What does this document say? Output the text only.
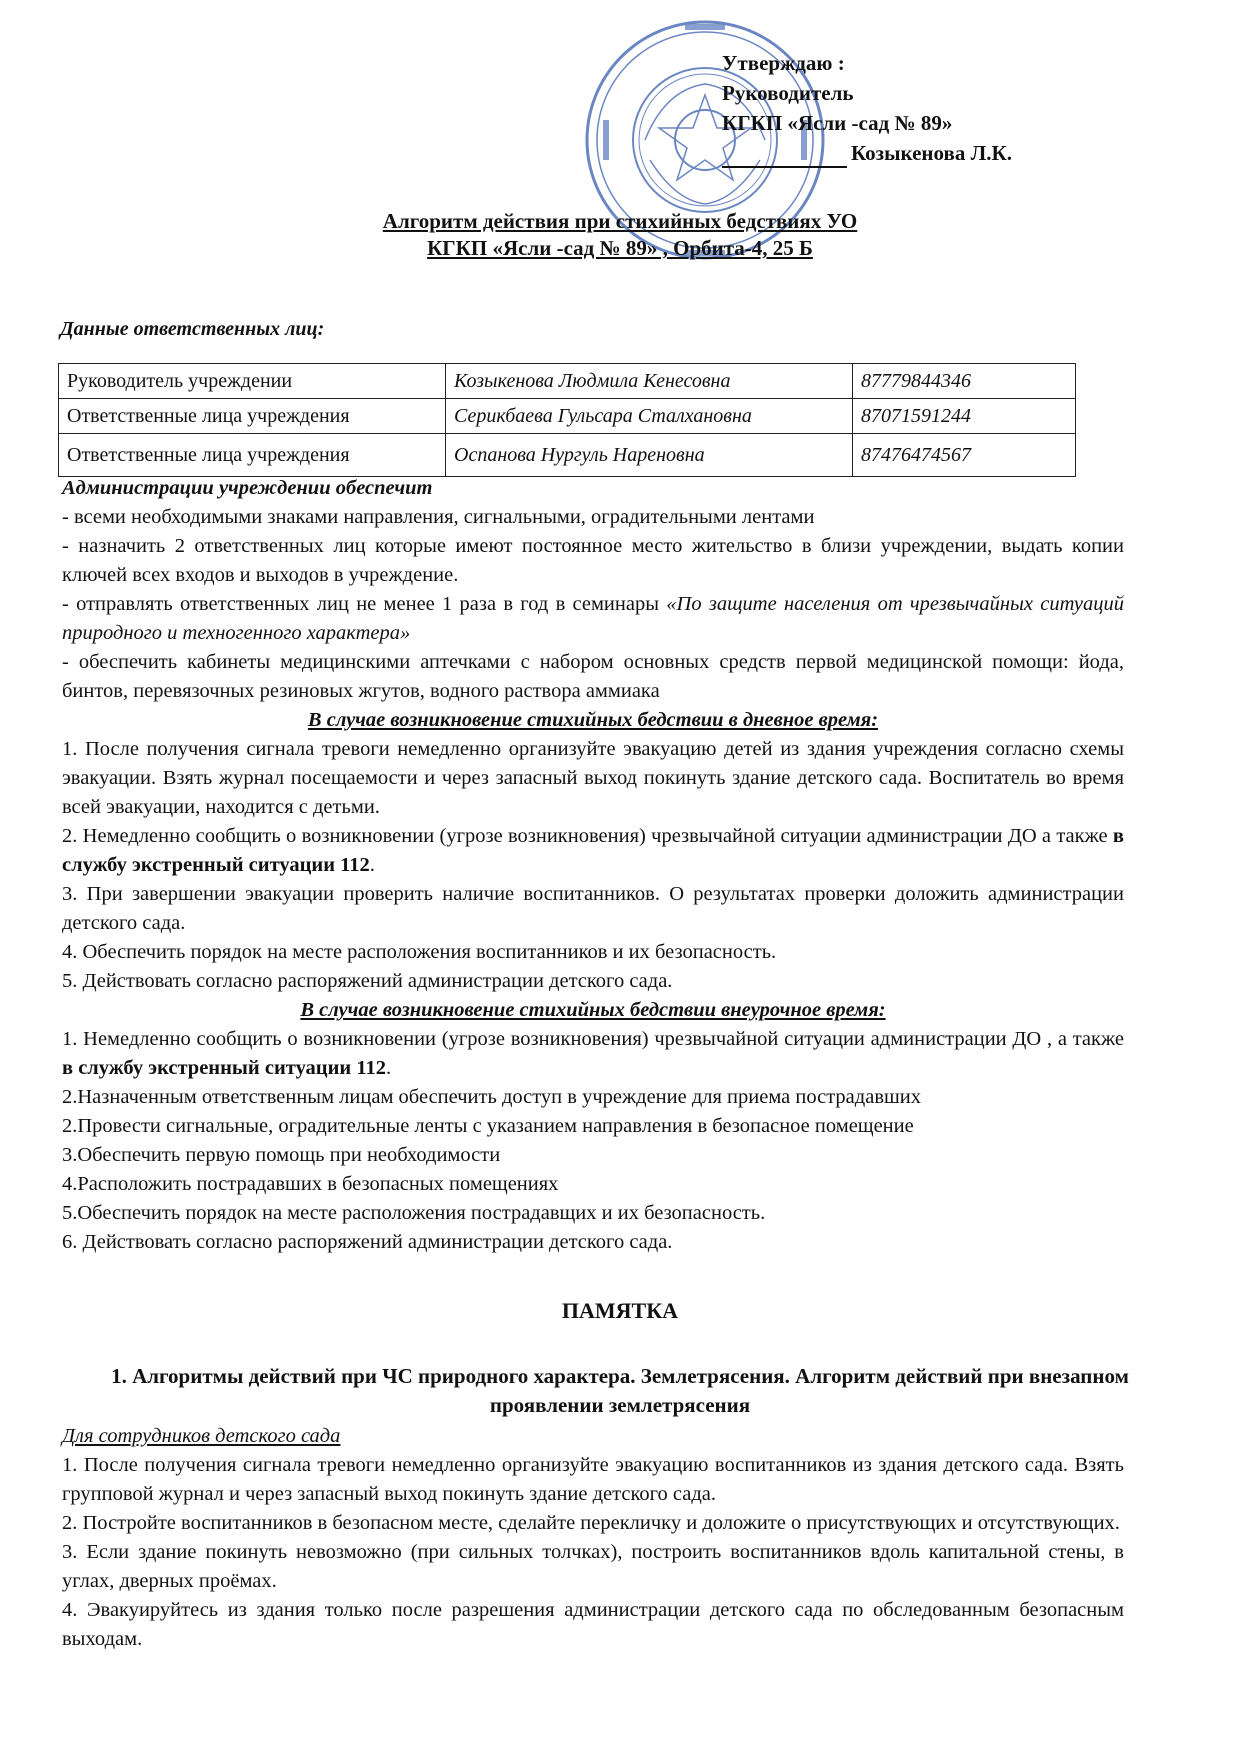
Утверждаю :
Руководитель
КГКП «Ясли -сад № 89»
Козыкенова Л.К.
Алгоритм действия при стихийных бедствиях УО
КГКП «Ясли -сад № 89» , Орбита-4, 25 Б
Данные ответственных лиц:
Руководитель учреждении	Козыкенова Людмила Кенесовна	87779844346
Ответственные лица учреждения	Серикбаева Гульсара Сталхановна	87071591244
Ответственные лица учреждения	Оспанова Нургуль Нареновна	87476474567

Администрации учреждении обеспечит

- всеми необходимыми знаками направления, сигнальными, оградительными лентами

- назначить 2 ответственных лиц которые имеют постоянное место жительство в близи учреждении, выдать копии ключей всех входов и выходов в учреждение.

- отправлять ответственных лиц не менее 1 раза в год в семинары «По защите населения от чрезвычайных ситуаций природного и техногенного характера»

- обеспечить кабинеты медицинскими аптечками с набором основных средств первой медицинской помощи: йода, бинтов, перевязочных резиновых жгутов, водного раствора аммиака

В случае возникновение стихийных бедствии в дневное время:

1. После получения сигнала тревоги немедленно организуйте эвакуацию детей из здания учреждения согласно схемы эвакуации. Взять журнал посещаемости и через запасный выход покинуть здание детского сада. Воспитатель во время всей эвакуации, находится с детьми.

2. Немедленно сообщить о возникновении (угрозе возникновения) чрезвычайной ситуации администрации ДО а также в службу экстренный ситуации 112.

3. При завершении эвакуации проверить наличие воспитанников. О результатах проверки доложить администрации детского сада.

4. Обеспечить порядок на месте расположения воспитанников и их безопасность.

5. Действовать согласно распоряжений администрации детского сада.

В случае возникновение стихийных бедствии внеурочное время:

1. Немедленно сообщить о возникновении (угрозе возникновения) чрезвычайной ситуации администрации ДО , а также в службу экстренный ситуации 112.

2.Назначенным ответственным лицам обеспечить доступ в учреждение для приема пострадавших

2.Провести сигнальные, оградительные ленты с указанием направления в безопасное помещение

3.Обеспечить первую помощь при необходимости

4.Расположить пострадавших в безопасных помещениях

5.Обеспечить порядок на месте расположения пострадавщих и их безопасность.

6. Действовать согласно распоряжений администрации детского сада.

ПАМЯТКА
1. Алгоритмы действий при ЧС природного характера. Землетрясения. Алгоритм действий при внезапном проявлении землетрясения

Для сотрудников детского сада

1. После получения сигнала тревоги немедленно организуйте эвакуацию воспитанников из здания детского сада. Взять групповой журнал и через запасный выход покинуть здание детского сада.

2. Постройте воспитанников в безопасном месте, сделайте перекличку и доложите о присутствующих и отсутствующих.

3. Если здание покинуть невозможно (при сильных толчках), построить воспитанников вдоль капитальной стены, в углах, дверных проёмах.

4. Эвакуируйтесь из здания только после разрешения администрации детского сада по обследованным безопасным выходам.
